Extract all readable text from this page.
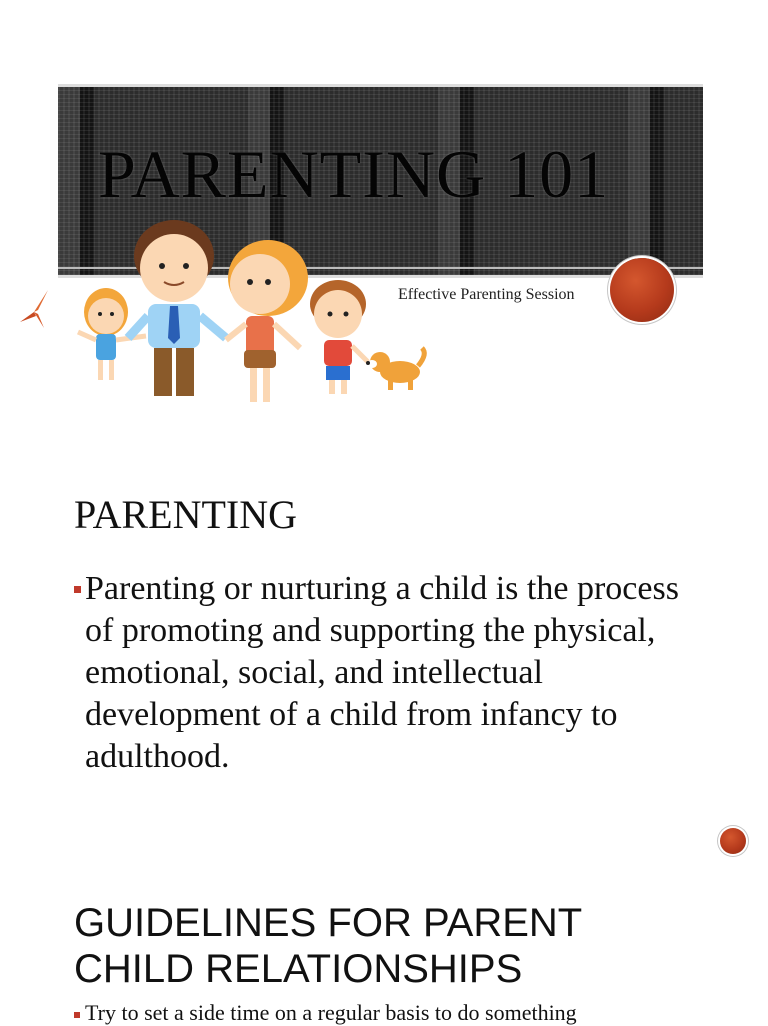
PARENTING 101
Effective Parenting Session
PARENTING
Parenting or nurturing a child is the process of promoting and supporting the physical, emotional, social, and intellectual development of a child from infancy to adulthood.
GUIDELINES FOR PARENT CHILD RELATIONSHIPS
Try to set a side time on a regular basis to do something
